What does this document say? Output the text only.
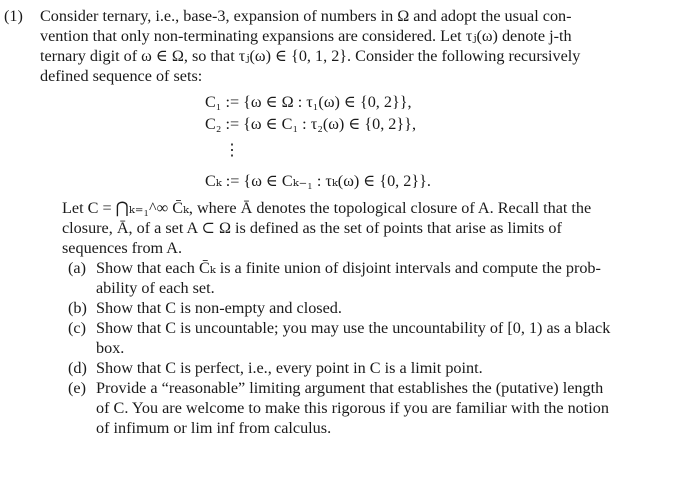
(1) Consider ternary, i.e., base-3, expansion of numbers in Ω and adopt the usual con-
vention that only non-terminating expansions are considered. Let τⱼ(ω) denote j-th
ternary digit of ω ∈ Ω, so that τⱼ(ω) ∈ {0, 1, 2}. Consider the following recursively
defined sequence of sets:
C₁ := {ω ∈ Ω : τ₁(ω) ∈ {0, 2}},
C₂ := {ω ∈ C₁ : τ₂(ω) ∈ {0, 2}},
⋮
Cₖ := {ω ∈ Cₖ₋₁ : τₖ(ω) ∈ {0, 2}}.
Let C = ⋂ₖ₌₁^∞ C̄ₖ, where Ā denotes the topological closure of A. Recall that the
closure, Ā, of a set A ⊂ Ω is defined as the set of points that arise as limits of
sequences from A.
(a) Show that each C̄ₖ is a finite union of disjoint intervals and compute the prob-
ability of each set.
(b) Show that C is non-empty and closed.
(c) Show that C is uncountable; you may use the uncountability of [0, 1) as a black
box.
(d) Show that C is perfect, i.e., every point in C is a limit point.
(e) Provide a “reasonable” limiting argument that establishes the (putative) length
of C. You are welcome to make this rigorous if you are familiar with the notion
of infimum or lim inf from calculus.
